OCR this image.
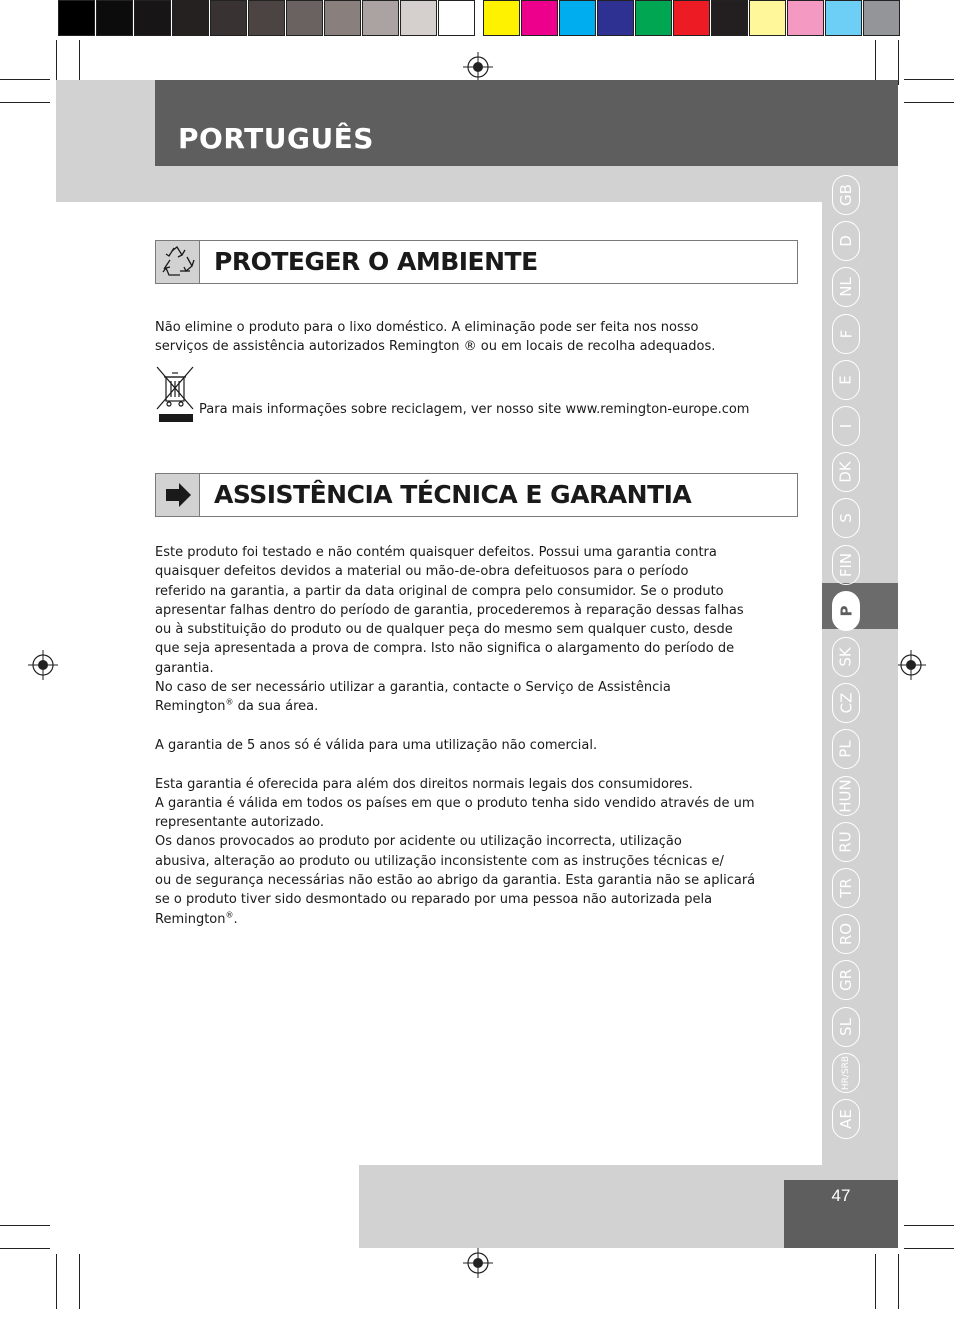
PORTUGUÊS
GB
D
NL
F
E
I
DK
S
FIN
P
SK
CZ
PL
HUN
RU
TR
RO
GR
SL
HR/SRB
AE
PROTEGER O AMBIENTE

Não elimine o produto para o lixo doméstico. A eliminação pode ser feita nos nosso

serviços de assistência autorizados Remington ® ou em locais de recolha adequados.

Para mais informações sobre reciclagem, ver nosso site www.remington-europe.com
ASSISTÊNCIA TÉCNICA E GARANTIA

Este produto foi testado e não contém quaisquer defeitos. Possui uma garantia contra

quaisquer defeitos devidos a material ou mão-de-obra defeituosos para o período

referido na garantia, a partir da data original de compra pelo consumidor. Se o produto

apresentar falhas dentro do período de garantia, procederemos à reparação dessas falhas

ou à substituição do produto ou de qualquer peça do mesmo sem qualquer custo, desde

que seja apresentada a prova de compra. Isto não significa o alargamento do período de

garantia.

No caso de ser necessário utilizar a garantia, contacte o Serviço de Assistência

Remington® da sua área.

A garantia de 5 anos só é válida para uma utilização não comercial.

Esta garantia é oferecida para além dos direitos normais legais dos consumidores.

A garantia é válida em todos os países em que o produto tenha sido vendido através de um

representante autorizado.

Os danos provocados ao produto por acidente ou utilização incorrecta, utilização

abusiva, alteração ao produto ou utilização inconsistente com as instruções técnicas e/

ou de segurança necessárias não estão ao abrigo da garantia. Esta garantia não se aplicará

se o produto tiver sido desmontado ou reparado por uma pessoa não autorizada pela

Remington®.

47
